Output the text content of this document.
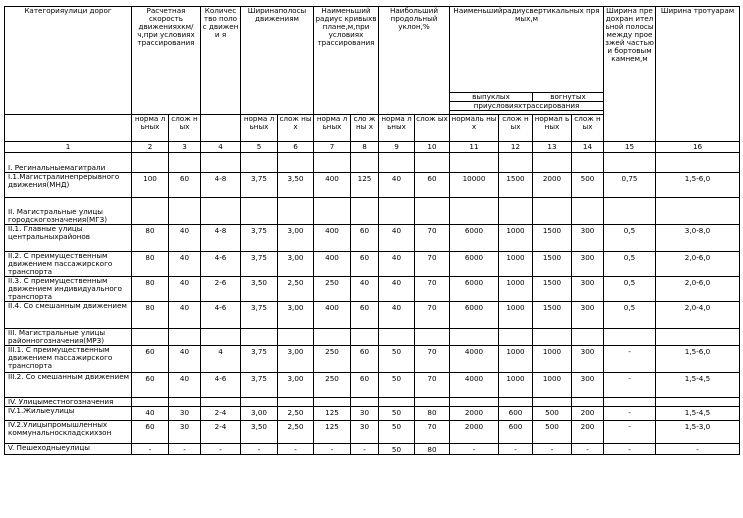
Категорияулици дорог	Расчетная скорость движенияхкм/ ч,при условиях трассирования		Количес тво полос движени я	Ширинаполосы движениям		Наименьший радиус кривыхв плане,м,при условиях трассирования		Наибольший продольный уклон,%		Наименьшийрадиусвертикальных прямых,м				Ширина предохран ительной полосы между проезжей частьюи бортовым камнем,м	Ширина тротуарам
										выпуклых		вогнутых			
										приусловияхтрассирования					

	норма льных	слож ных		норма льных	слож ных	норма льных	сло жны х	норма льных	слож ых	нормаль ных	слож ных	нормал ьных	слож ных		
1	2	3	4	5	6	7	8	9	10	11	12	13	14	15	16
I. Регинальныемагитрали															
I.1.Магистралинепрерывного движения(МНД)	100	60	4-8	3,75	3,50	400	125	40	60	10000	1500	2000	500	0,75	1,5-6,0
II. Магистральные улицы городскогозначения(МГЗ)															
II.1. Главные улицы центральныхрайонов	80	40	4-8	3,75	3,00	400	60	40	70	6000	1000	1500	300	0,5	3,0-8,0
II.2. С преимущественным движением пассажирского транспорта	80	40	4-6	3,75	3,00	400	60	40	70	6000	1000	1500	300	0,5	2,0-6,0
II.3. С преимущественным движением индивидуального транспорта	80	40	2-6	3,50	2,50	250	40	40	70	6000	1000	1500	300	0,5	2,0-6,0
II.4. Со смешанным движением	80	40	4-6	3,75	3,00	400	60	40	70	6000	1000	1500	300	0,5	2,0-4,0
III. Магистральные улицы районногозначения(МРЗ)															
III.1. С преимущественным движением пассажирского транспорта	60	40	4	3,75	3,00	250	60	50	70	4000	1000	1000	300	-	1,5-6,0
III.2. Со смешанным движением	60	40	4-6	3,75	3,00	250	60	50	70	4000	1000	1000	300	-	1,5-4,5
IV. Улицыместногозначения															
IV.1.Жилыеулицы	40	30	2-4	3,00	2,50	125	30	50	80	2000	600	500	200	-	1,5-4,5
IV.2.Улицыпромышленных коммунальноскладскихзон	60	30	2-4	3,50	2,50	125	30	50	70	2000	600	500	200	-	1,5-3,0
V. Пешеходныеулицы	-	-	-	-	-	-	-	50	80	-	-	-	-	-	-
